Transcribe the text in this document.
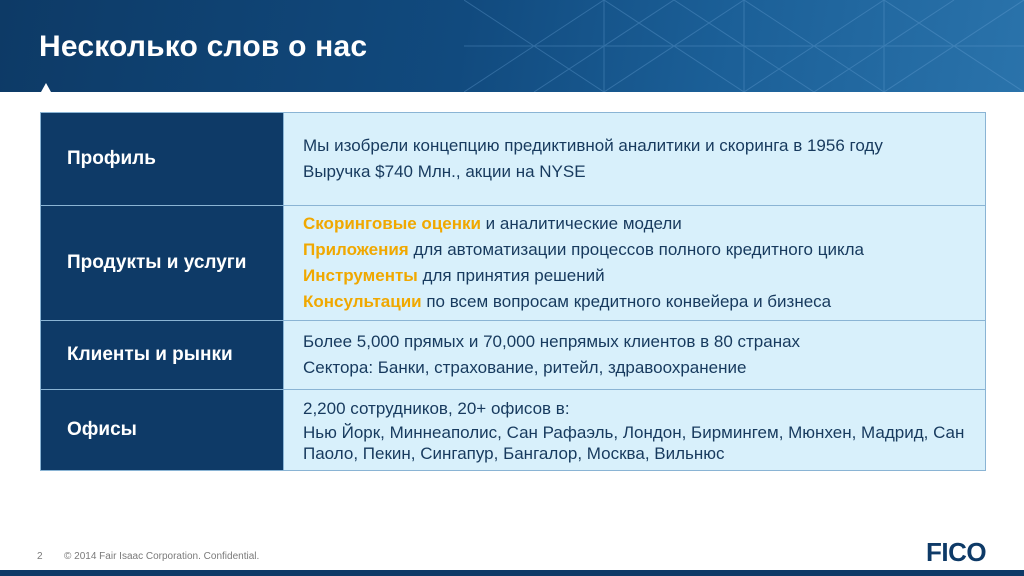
Несколько слов о нас
Профиль	Мы изобрели концепцию предиктивной аналитики и скоринга в 1956 году
Выручка $740 Млн., акции на NYSE

Продукты и услуги	Скоринговые оценки и аналитические модели
Приложения для автоматизации процессов полного кредитного цикла
Инструменты для принятия решений
Консультации по всем вопросам кредитного конвейера и бизнеса

Клиенты и рынки	Более 5,000 прямых и 70,000 непрямых клиентов в 80 странах
Сектора: Банки, страхование, ритейл, здравоохранение

Офисы	2,200 сотрудников, 20+ офисов в:
Нью Йорк, Миннеаполис, Сан Рафаэль, Лондон, Бирмингем, Мюнхен, Мадрид, Сан Паоло, Пекин, Сингапур, Бангалор, Москва, Вильнюс
2 © 2014 Fair Isaac Corporation. Confidential.	FICO
